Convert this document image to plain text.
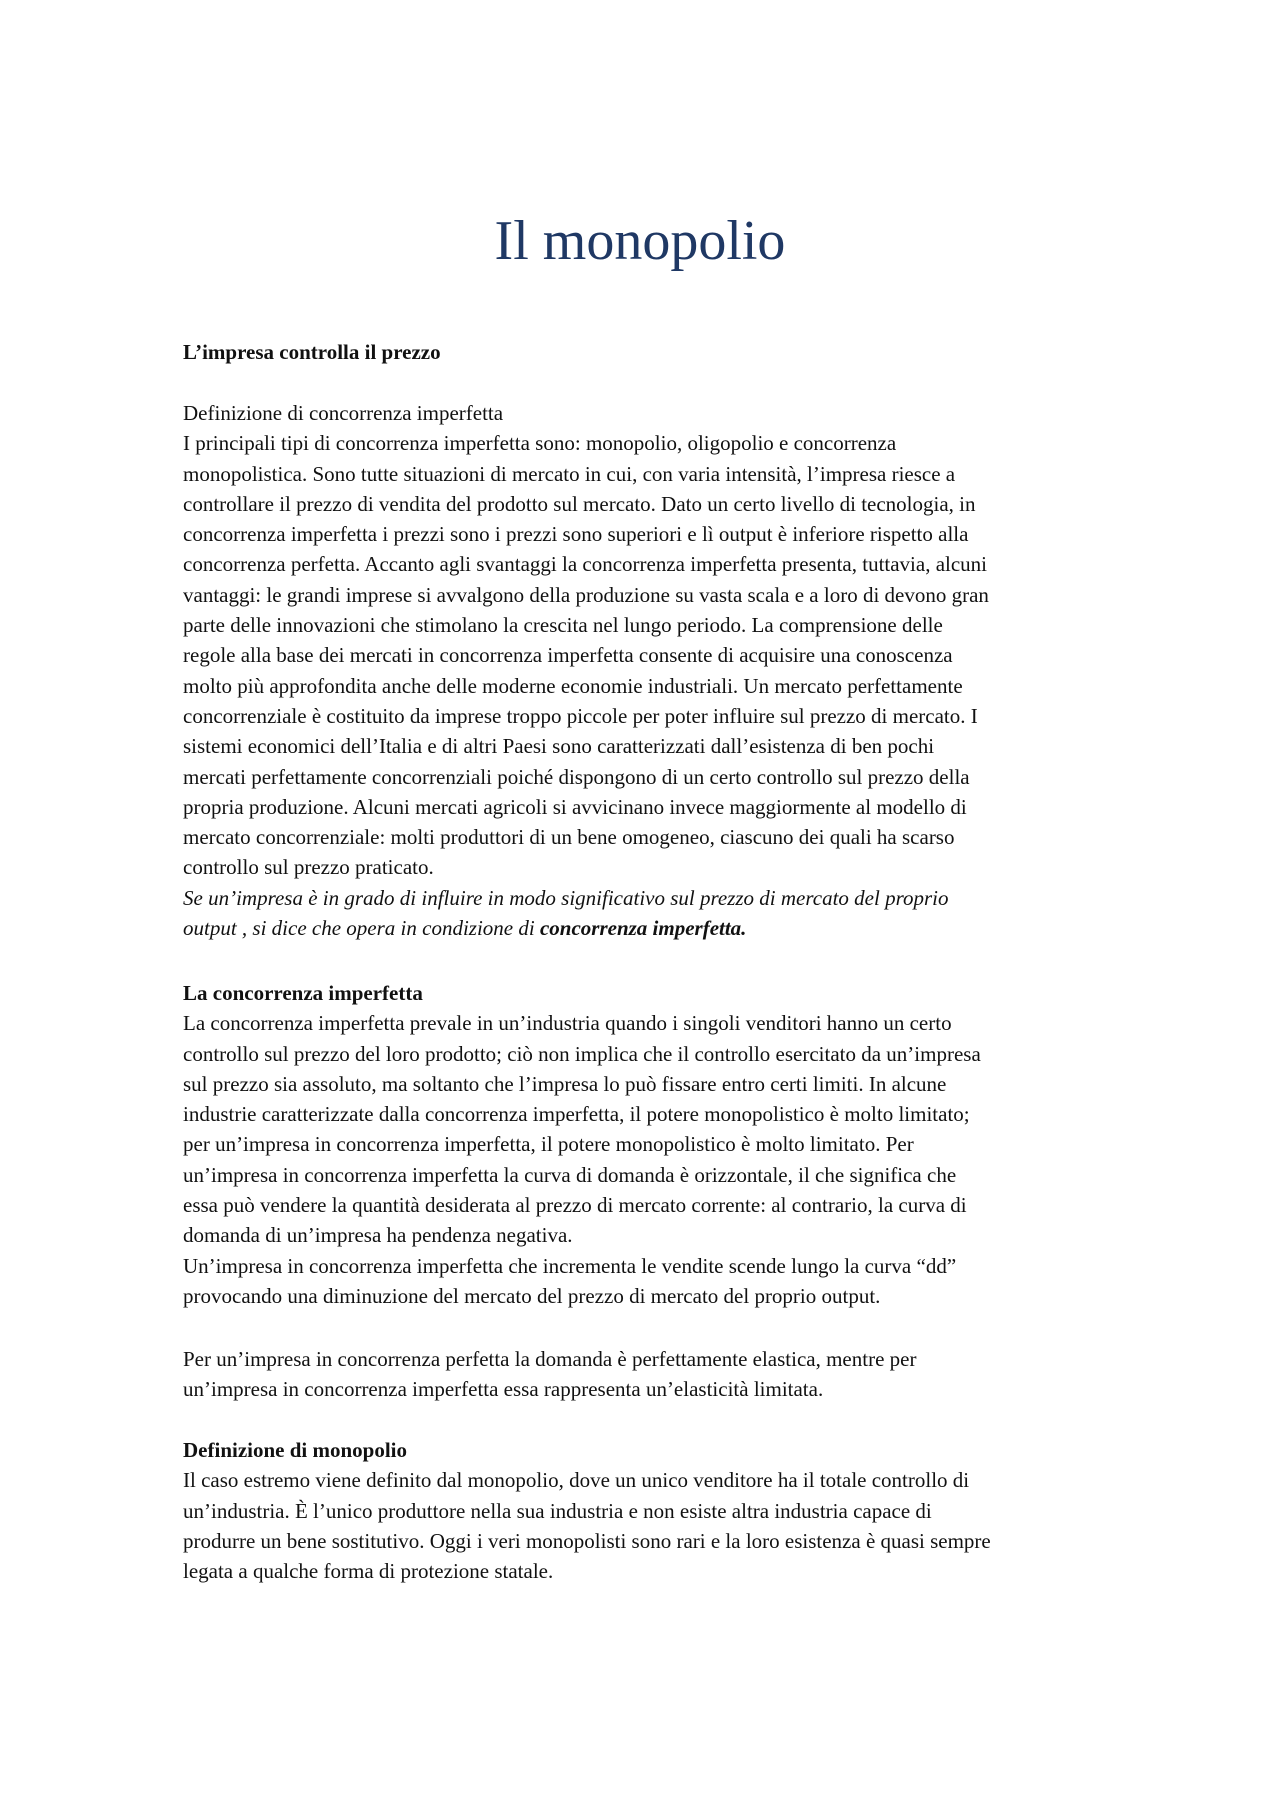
Il monopolio

L’impresa controlla il prezzo

Definizione di concorrenza imperfetta

I principali tipi di concorrenza imperfetta sono: monopolio, oligopolio e concorrenza

monopolistica. Sono tutte situazioni di mercato in cui, con varia intensità, l’impresa riesce a

controllare il prezzo di vendita del prodotto sul mercato. Dato un certo livello di tecnologia, in

concorrenza imperfetta i prezzi sono i prezzi sono superiori e lì output è inferiore rispetto alla

concorrenza perfetta. Accanto agli svantaggi la concorrenza imperfetta presenta, tuttavia, alcuni

vantaggi: le grandi imprese si avvalgono della produzione su vasta scala e a loro di devono gran

parte delle innovazioni che stimolano la crescita nel lungo periodo. La comprensione delle

regole alla base dei mercati in concorrenza imperfetta consente di acquisire una conoscenza

molto più approfondita anche delle moderne economie industriali. Un mercato perfettamente

concorrenziale è costituito da imprese troppo piccole per poter influire sul prezzo di mercato. I

sistemi economici dell’Italia e di altri Paesi sono caratterizzati dall’esistenza di ben pochi

mercati perfettamente concorrenziali poiché dispongono di un certo controllo sul prezzo della

propria produzione. Alcuni mercati agricoli si avvicinano invece maggiormente al modello di

mercato concorrenziale: molti produttori di un bene omogeneo, ciascuno dei quali ha scarso

controllo sul prezzo praticato.

Se un’impresa è in grado di influire in modo significativo sul prezzo di mercato del proprio

output , si dice che opera in condizione di concorrenza imperfetta.

La concorrenza imperfetta

La concorrenza imperfetta prevale in un’industria quando i singoli venditori hanno un certo

controllo sul prezzo del loro prodotto; ciò non implica che il controllo esercitato da un’impresa

sul prezzo sia assoluto, ma soltanto che l’impresa lo può fissare entro certi limiti. In alcune

industrie caratterizzate dalla concorrenza imperfetta, il potere monopolistico è molto limitato;

per un’impresa in concorrenza imperfetta, il potere monopolistico è molto limitato. Per

un’impresa in concorrenza imperfetta la curva di domanda è orizzontale, il che significa che

essa può vendere la quantità desiderata al prezzo di mercato corrente: al contrario, la curva di

domanda di un’impresa ha pendenza negativa.

Un’impresa in concorrenza imperfetta che incrementa le vendite scende lungo la curva “dd”

provocando una diminuzione del mercato del prezzo di mercato del proprio output.

Per un’impresa in concorrenza perfetta la domanda è perfettamente elastica, mentre per

un’impresa in concorrenza imperfetta essa rappresenta un’elasticità limitata.

Definizione di monopolio

Il caso estremo viene definito dal monopolio, dove un unico venditore ha il totale controllo di

un’industria. È l’unico produttore nella sua industria e non esiste altra industria capace di

produrre un bene sostitutivo. Oggi i veri monopolisti sono rari e la loro esistenza è quasi sempre

legata a qualche forma di protezione statale.
